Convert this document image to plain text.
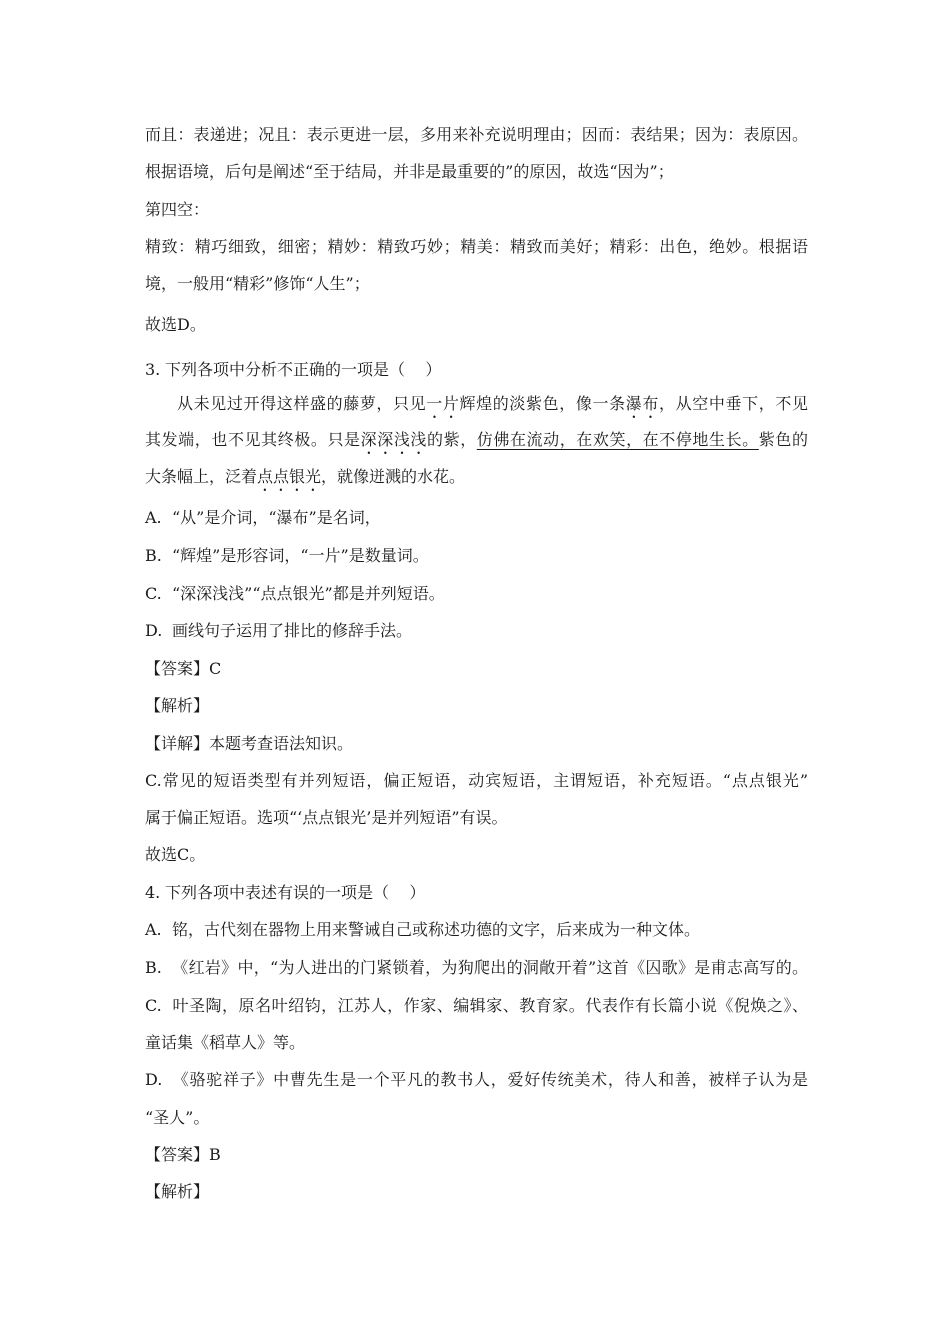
而且：表递进；况且：表示更进一层，多用来补充说明理由；因而：表结果；因为：表原因。
根据语境，后句是阐述“至于结局，并非是最重要的”的原因，故选“因为”；
第四空：
精致：精巧细致，细密；精妙：精致巧妙；精美：精致而美好；精彩：出色，绝妙。根据语
境，一般用“精彩”修饰“人生”；
故选D。
3. 下列各项中分析不正确的一项是（    ）
从未见过开得这样盛的藤萝，只见一片辉煌的淡紫色，像一条瀑布，从空中垂下，不见
其发端，也不见其终极。只是深深浅浅的紫，仿佛在流动，在欢笑，在不停地生长。紫色的
大条幅上，泛着点点银光，就像迸溅的水花。
A. “从”是介词，“瀑布”是名词，
B. “辉煌”是形容词，“一片”是数量词。
C. “深深浅浅”“点点银光”都是并列短语。
D. 画线句子运用了排比的修辞手法。
【答案】C
【解析】
【详解】本题考查语法知识。
C.常见的短语类型有并列短语，偏正短语，动宾短语，主谓短语，补充短语。“点点银光”
属于偏正短语。选项“‘点点银光’是并列短语”有误。
故选C。
4. 下列各项中表述有误的一项是（    ）
A. 铭，古代刻在器物上用来警诫自己或称述功德的文字，后来成为一种文体。
B. 《红岩》中，“为人进出的门紧锁着，为狗爬出的洞敞开着”这首《囚歌》是甫志高写的。
C. 叶圣陶，原名叶绍钧，江苏人，作家、编辑家、教育家。代表作有长篇小说《倪焕之》、
童话集《稻草人》等。
D. 《骆驼祥子》中曹先生是一个平凡的教书人，爱好传统美术，待人和善，被样子认为是
“圣人”。
【答案】B
【解析】
